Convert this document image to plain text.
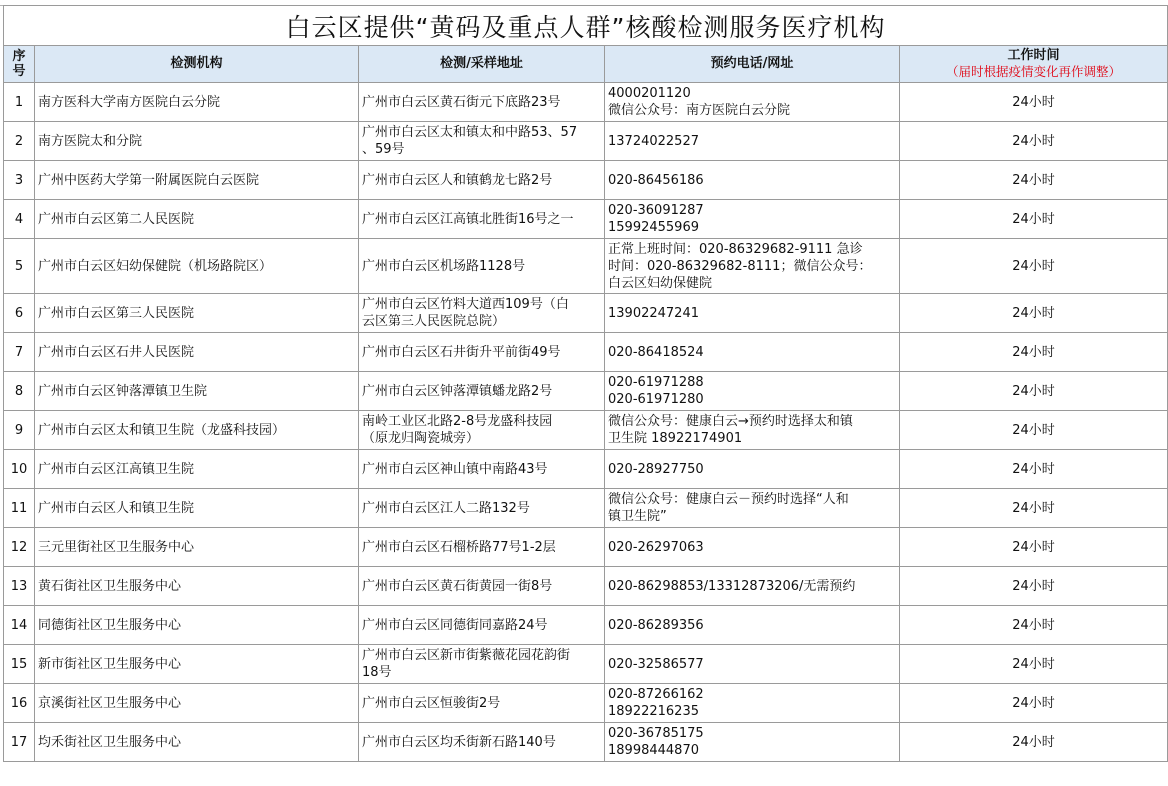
白云区提供“黄码及重点人群”核酸检测服务医疗机构				

序
号	检测机构	检测/采样地址	预约电话/网址	工作时间
（届时根据疫情变化再作调整）

1	南方医科大学南方医院白云分院	广州市白云区黄石街元下底路23号	4000201120
微信公众号：南方医院白云分院	24小时
2	南方医院太和分院	广州市白云区太和镇太和中路53、57
、59号	13724022527	24小时
3	广州中医药大学第一附属医院白云医院	广州市白云区人和镇鹤龙七路2号	020-86456186	24小时
4	广州市白云区第二人民医院	广州市白云区江高镇北胜街16号之一	020-36091287
15992455969	24小时
5	广州市白云区妇幼保健院（机场路院区）	广州市白云区机场路1128号	正常上班时间：020-86329682-9111 急诊
时间：020-86329682-8111；微信公众号：
白云区妇幼保健院	24小时
6	广州市白云区第三人民医院	广州市白云区竹料大道西109号（白
云区第三人民医院总院）	13902247241	24小时
7	广州市白云区石井人民医院	广州市白云区石井街升平前街49号	020-86418524	24小时
8	广州市白云区钟落潭镇卫生院	广州市白云区钟落潭镇蟠龙路2号	020-61971288
020-61971280	24小时
9	广州市白云区太和镇卫生院（龙盛科技园）	南岭工业区北路2-8号龙盛科技园
（原龙归陶瓷城旁）	微信公众号：健康白云→预约时选择太和镇
卫生院 18922174901	24小时
10	广州市白云区江高镇卫生院	广州市白云区神山镇中南路43号	020-28927750	24小时
11	广州市白云区人和镇卫生院	广州市白云区江人二路132号	微信公众号：健康白云－预约时选择“人和
镇卫生院”	24小时
12	三元里街社区卫生服务中心	广州市白云区石榴桥路77号1-2层	020-26297063	24小时
13	黄石街社区卫生服务中心	广州市白云区黄石街黄园一街8号	020-86298853/13312873206/无需预约	24小时
14	同德街社区卫生服务中心	广州市白云区同德街同嘉路24号	020-86289356	24小时
15	新市街社区卫生服务中心	广州市白云区新市街紫薇花园花韵街
18号	020-32586577	24小时
16	京溪街社区卫生服务中心	广州市白云区恒骏街2号	020-87266162
18922216235	24小时
17	均禾街社区卫生服务中心	广州市白云区均禾街新石路140号	020-36785175
18998444870	24小时
